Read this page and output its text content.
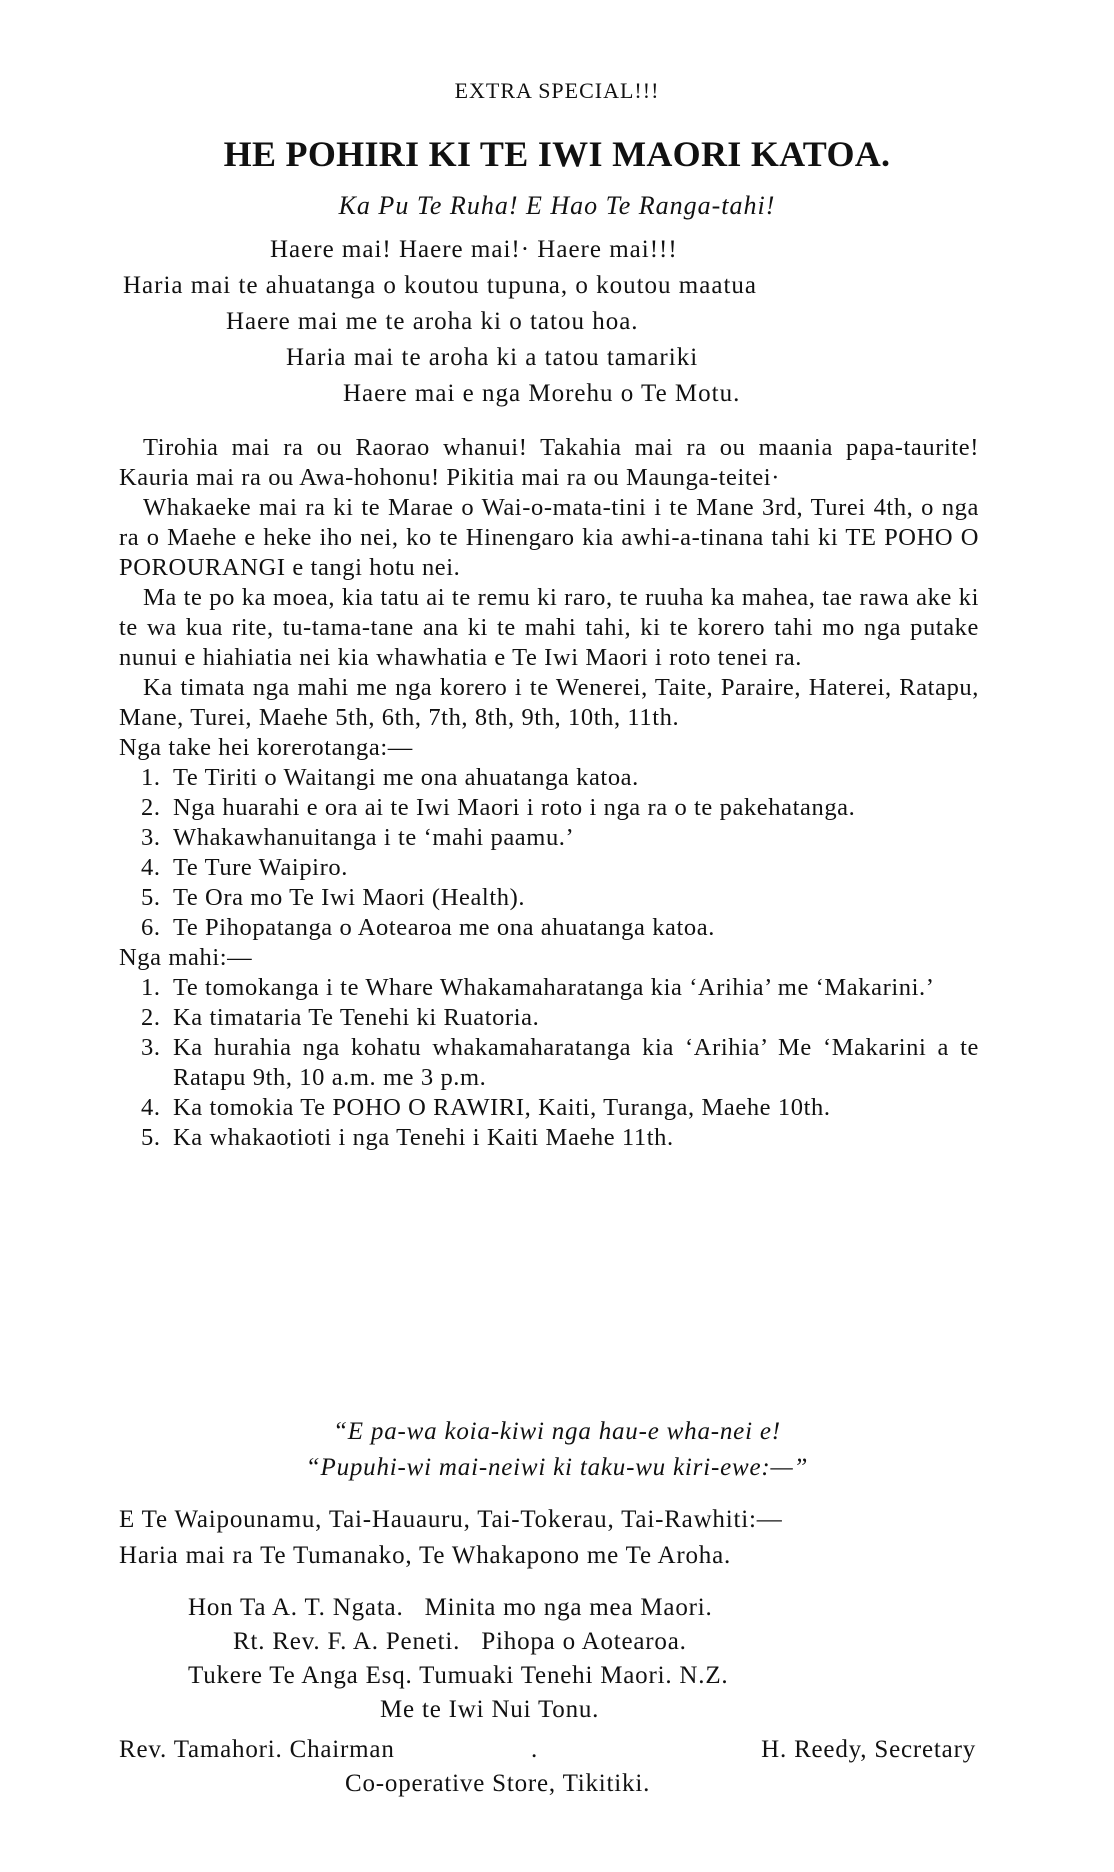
EXTRA SPECIAL!!!
HE POHIRI KI TE IWI MAORI KATOA.
Ka Pu Te Ruha! E Hao Te Ranga-tahi!
Haere mai! Haere mai!· Haere mai!!!
Haria mai te ahuatanga o koutou tupuna, o koutou maatua
Haere mai me te aroha ki o tatou hoa.
Haria mai te aroha ki a tatou tamariki
Haere mai e nga Morehu o Te Motu.

Tirohia mai ra ou Raorao whanui! Takahia mai ra ou maania papa-taurite! Kauria mai ra ou Awa-hohonu! Pikitia mai ra ou Maunga-teitei·

Whakaeke mai ra ki te Marae o Wai-o-mata-tini i te Mane 3rd, Turei 4th, o nga ra o Maehe e heke iho nei, ko te Hinengaro kia awhi-a-tinana tahi ki TE POHO O POROURANGI e tangi hotu nei.

Ma te po ka moea, kia tatu ai te remu ki raro, te ruuha ka mahea, tae rawa ake ki te wa kua rite, tu-tama-tane ana ki te mahi tahi, ki te korero tahi mo nga putake nunui e hiahiatia nei kia whawhatia e Te Iwi Maori i roto tenei ra.

Ka timata nga mahi me nga korero i te Wenerei, Taite, Paraire, Haterei, Ratapu, Mane, Turei, Maehe 5th, 6th, 7th, 8th, 9th, 10th, 11th.

Nga take hei korerotanga:—

1. Te Tiriti o Waitangi me ona ahuatanga katoa.
2. Nga huarahi e ora ai te Iwi Maori i roto i nga ra o te pakehatanga.
3. Whakawhanuitanga i te ‘mahi paamu.’
4. Te Ture Waipiro.
5. Te Ora mo Te Iwi Maori (Health).
6. Te Pihopatanga o Aotearoa me ona ahuatanga katoa.

Nga mahi:—

1. Te tomokanga i te Whare Whakamaharatanga kia ‘Arihia’ me ‘Makarini.’
2. Ka timataria Te Tenehi ki Ruatoria.
3. Ka hurahia nga kohatu whakamaharatanga kia ‘Arihia’ Me ‘Makarini a te Ratapu 9th, 10 a.m. me 3 p.m.
4. Ka tomokia Te POHO O RAWIRI, Kaiti, Turanga, Maehe 10th.
5. Ka whakaotioti i nga Tenehi i Kaiti Maehe 11th.
“E pa-wa koia-kiwi nga hau-e wha-nei e!
“Pupuhi-wi mai-neiwi ki taku-wu kiri-ewe:—”
E Te Waipounamu, Tai-Hauauru, Tai-Tokerau, Tai-Rawhiti:—
Haria mai ra Te Tumanako, Te Whakapono me Te Aroha.
Hon Ta A. T. Ngata.   Minita mo nga mea Maori.
Rt. Rev. F. A. Peneti.   Pihopa o Aotearoa.
Tukere Te Anga Esq. Tumuaki Tenehi Maori. N.Z.
Me te Iwi Nui Tonu.
Rev. Tamahori. Chairman	.	H. Reedy, Secretary
Co-operative Store, Tikitiki.
